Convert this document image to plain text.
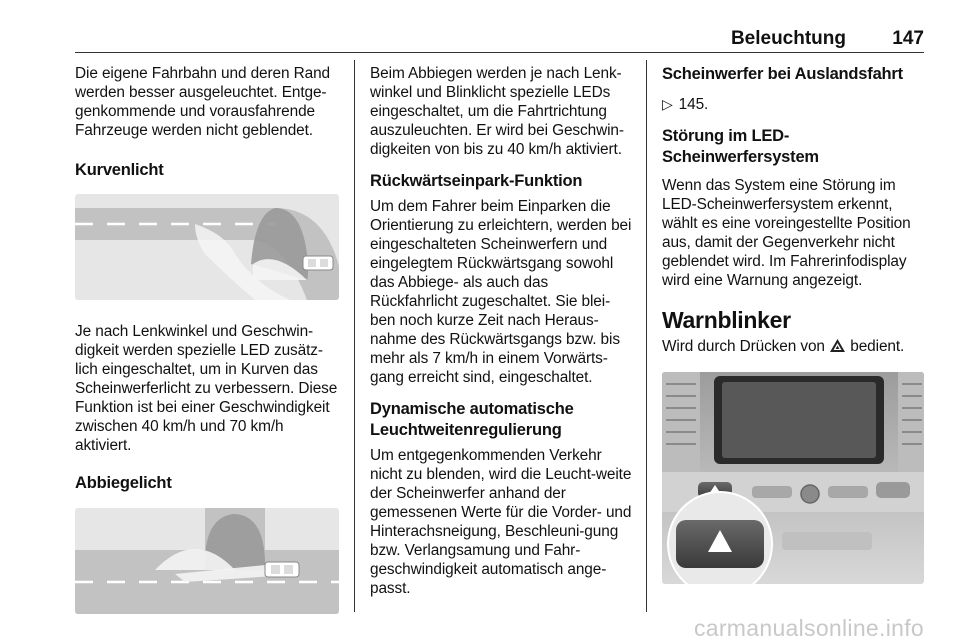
Beleuchtung 147

Die eigene Fahrbahn und deren Rand werden besser ausgeleuchtet. Entge-genkommende und vorausfahrende Fahrzeuge werden nicht geblendet.

Kurvenlicht

Je nach Lenkwinkel und Geschwin-digkeit werden spezielle LED zusätz-lich eingeschaltet, um in Kurven das Scheinwerferlicht zu verbessern. Diese Funktion ist bei einer Geschwindigkeit zwischen 40 km/h und 70 km/h aktiviert.

Abbiegelicht

Beim Abbiegen werden je nach Lenk-winkel und Blinklicht spezielle LEDs eingeschaltet, um die Fahrtrichtung auszuleuchten. Er wird bei Geschwin-digkeiten von bis zu 40 km/h aktiviert.

Rückwärtseinpark-Funktion

Um dem Fahrer beim Einparken die Orientierung zu erleichtern, werden bei eingeschalteten Scheinwerfern und eingelegtem Rückwärtsgang sowohl das Abbiege- als auch das Rückfahrlicht zugeschaltet. Sie blei-ben noch kurze Zeit nach Heraus-nahme des Rückwärtsgangs bzw. bis mehr als 7 km/h in einem Vorwärts-gang erreicht sind, eingeschaltet.

Dynamische automatische
Leuchtweitenregulierung

Um entgegenkommenden Verkehr nicht zu blenden, wird die Leucht-weite der Scheinwerfer anhand der gemessenen Werte für die Vorder- und Hinterachsneigung, Beschleuni-gung bzw. Verlangsamung und Fahr-geschwindigkeit automatisch ange-passt.

Scheinwerfer bei Auslandsfahrt

▷ 145.

Störung im LED-
Scheinwerfersystem

Wenn das System eine Störung im LED-Scheinwerfersystem erkennt, wählt es eine voreingestellte Position aus, damit der Gegenverkehr nicht geblendet wird. Im Fahrerinfodisplay wird eine Warnung angezeigt.

Warnblinker

Wird durch Drücken von bedient.

carmanualsonline.info
